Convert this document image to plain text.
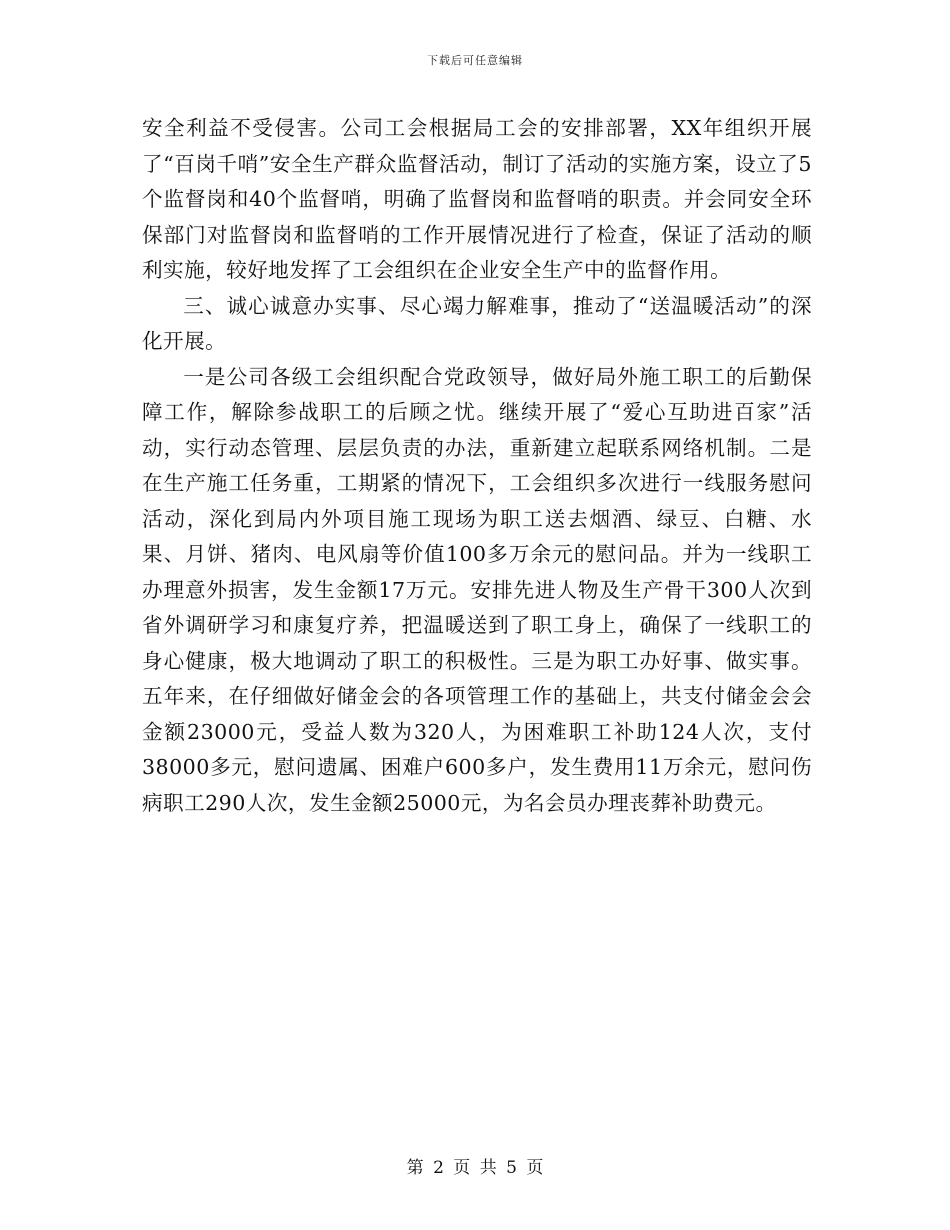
下载后可任意编辑

安全利益不受侵害。公司工会根据局工会的安排部署，XX年组织开展了“百岗千哨”安全生产群众监督活动，制订了活动的实施方案，设立了5个监督岗和40个监督哨，明确了监督岗和监督哨的职责。并会同安全环保部门对监督岗和监督哨的工作开展情况进行了检查，保证了活动的顺利实施，较好地发挥了工会组织在企业安全生产中的监督作用。

三、诚心诚意办实事、尽心竭力解难事，推动了“送温暖活动”的深化开展。

一是公司各级工会组织配合党政领导，做好局外施工职工的后勤保障工作，解除参战职工的后顾之忧。继续开展了“爱心互助进百家”活动，实行动态管理、层层负责的办法，重新建立起联系网络机制。二是在生产施工任务重，工期紧的情况下，工会组织多次进行一线服务慰问活动，深化到局内外项目施工现场为职工送去烟酒、绿豆、白糖、水果、月饼、猪肉、电风扇等价值100多万余元的慰问品。并为一线职工办理意外损害，发生金额17万元。安排先进人物及生产骨干300人次到省外调研学习和康复疗养，把温暖送到了职工身上，确保了一线职工的身心健康，极大地调动了职工的积极性。三是为职工办好事、做实事。五年来，在仔细做好储金会的各项管理工作的基础上，共支付储金会会金额23000元，受益人数为320人，为困难职工补助124人次，支付38000多元，慰问遗属、困难户600多户，发生费用11万余元，慰问伤病职工290人次，发生金额25000元，为名会员办理丧葬补助费元。

第 2 页 共 5 页
